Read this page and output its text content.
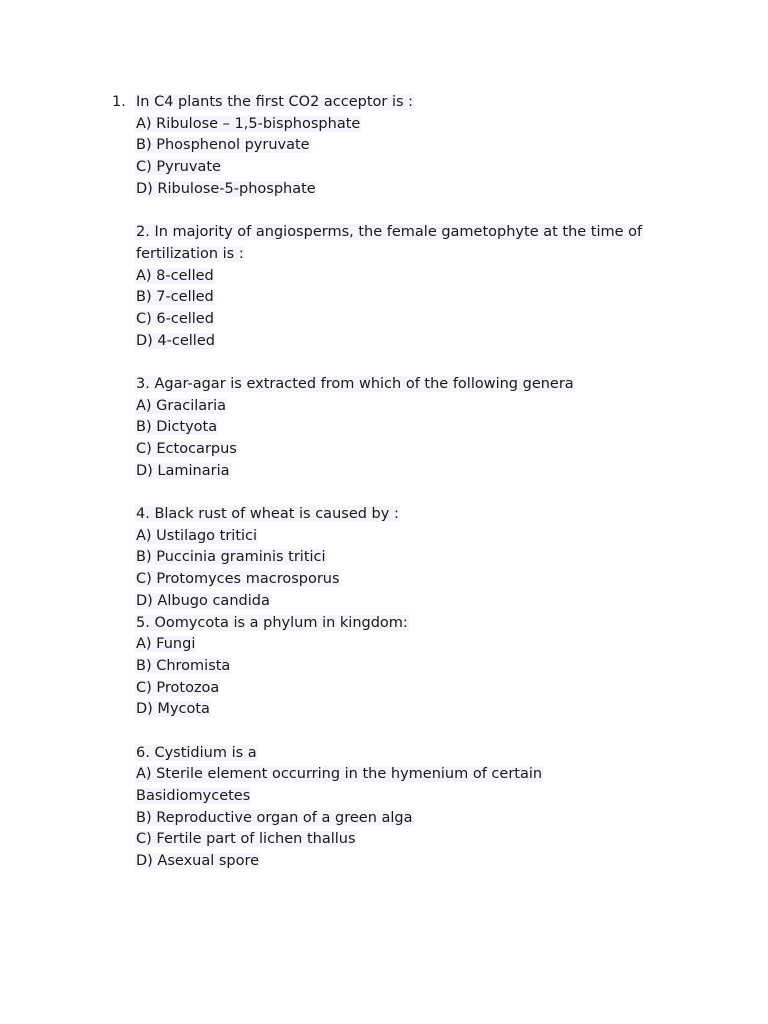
1. In C4 plants the first CO2 acceptor is :
A) Ribulose – 1,5-bisphosphate
B) Phosphenol pyruvate
C) Pyruvate
D) Ribulose-5-phosphate
2. In majority of angiosperms, the female gametophyte at the time of
fertilization is :
A) 8-celled
B) 7-celled
C) 6-celled
D) 4-celled
3. Agar-agar is extracted from which of the following genera
A) Gracilaria
B) Dictyota
C) Ectocarpus
D) Laminaria
4. Black rust of wheat is caused by :
A) Ustilago tritici
B) Puccinia graminis tritici
C) Protomyces macrosporus
D) Albugo candida
5. Oomycota is a phylum in kingdom:
A) Fungi
B) Chromista
C) Protozoa
D) Mycota
6. Cystidium is a
A) Sterile element occurring in the hymenium of certain
Basidiomycetes
B) Reproductive organ of a green alga
C) Fertile part of lichen thallus
D) Asexual spore
